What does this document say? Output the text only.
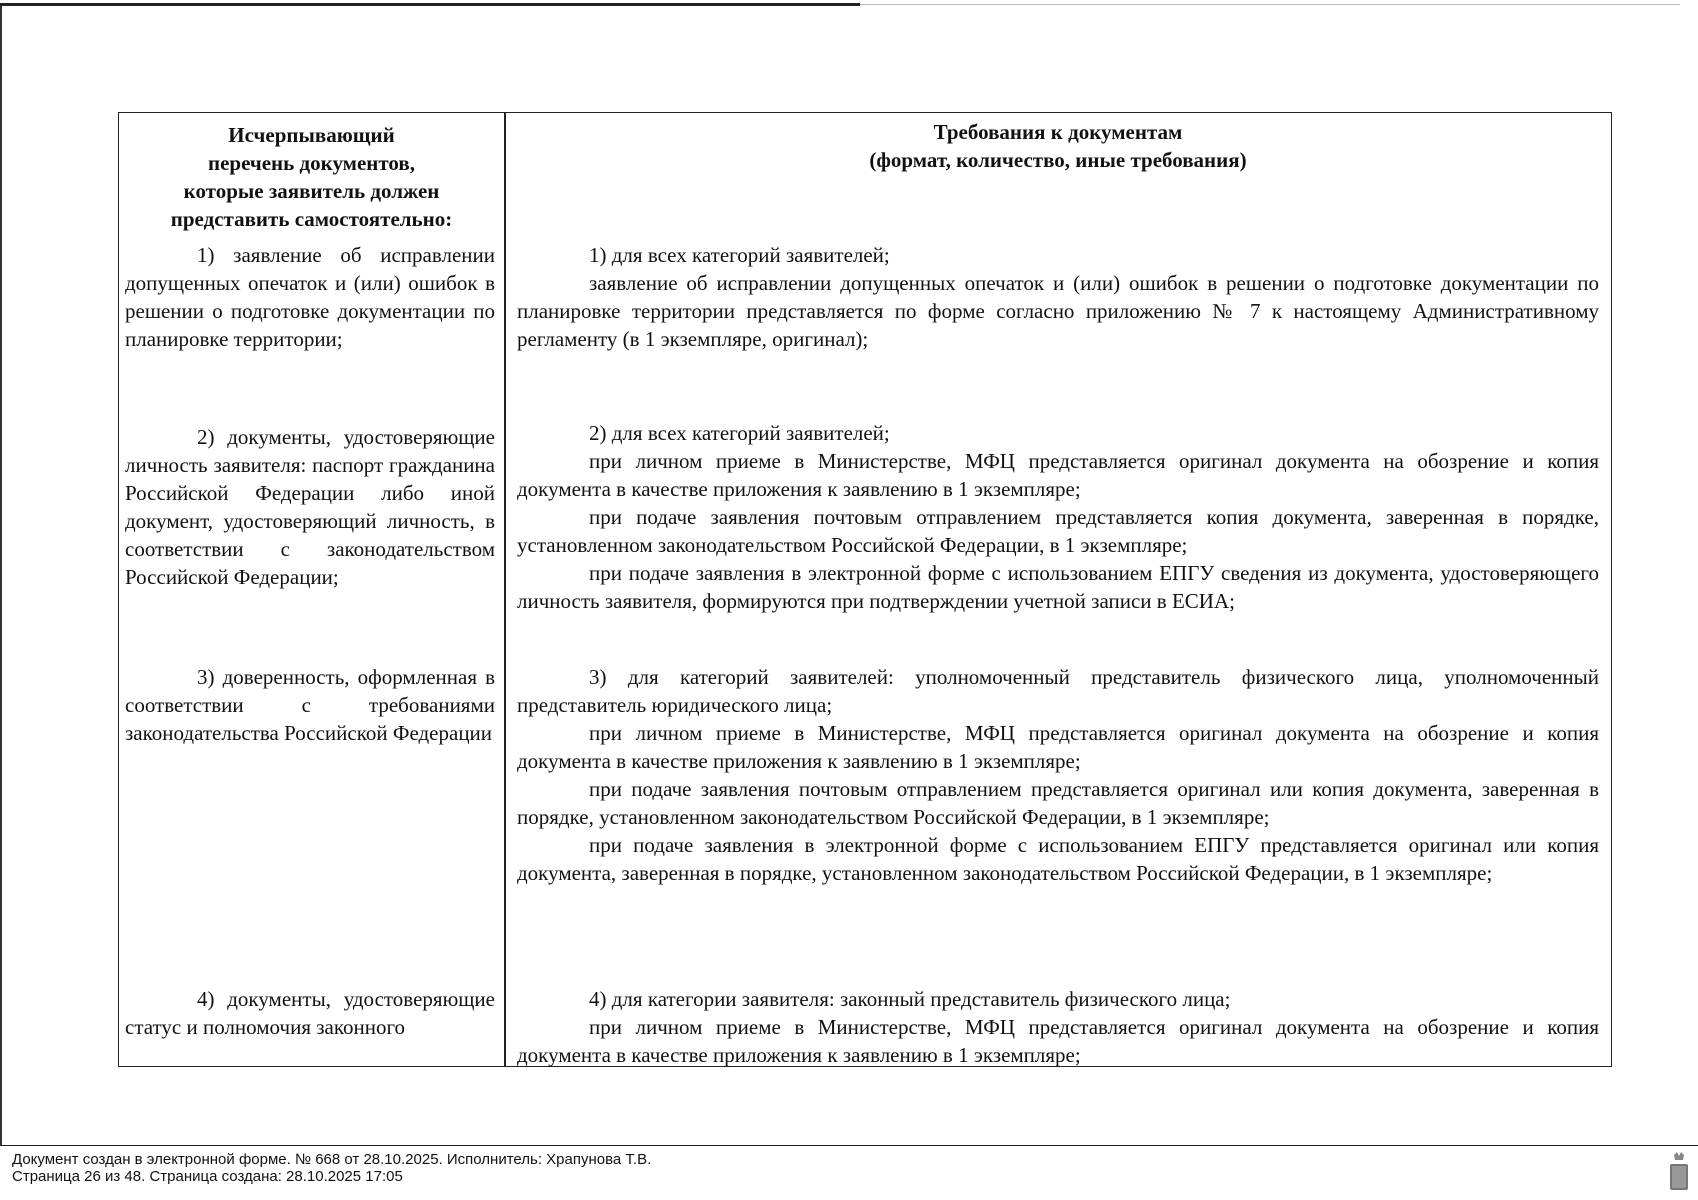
Исчерпывающий
перечень документов,
которые заявитель должен
представить самостоятельно:
Требования к документам
(формат, количество, иные требования)
1) заявление об исправлении допущенных опечаток и (или) ошибок в решении о подготовке документации по планировке территории;

1) для всех категорий заявителей;

заявление об исправлении допущенных опечаток и (или) ошибок в решении о подготовке документации по планировке территории представляется по форме согласно приложению № 7 к настоящему Административному регламенту (в 1 экземпляре, оригинал);

2) документы, удостоверяющие личность заявителя: паспорт гражданина Российской Федерации либо иной документ, удостоверяющий личность, в соответствии с законодательством Российской Федерации;

2) для всех категорий заявителей;

при личном приеме в Министерстве, МФЦ представляется оригинал документа на обозрение и копия документа в качестве приложения к заявлению в 1 экземпляре;

при подаче заявления почтовым отправлением представляется копия документа, заверенная в порядке, установленном законодательством Российской Федерации, в 1 экземпляре;

при подаче заявления в электронной форме с использованием ЕПГУ сведения из документа, удостоверяющего личность заявителя, формируются при подтверждении учетной записи в ЕСИА;

3) доверенность, оформленная в соответствии с требованиями законодательства Российской Федерации

3) для категорий заявителей: уполномоченный представитель физического лица, уполномоченный представитель юридического лица;

при личном приеме в Министерстве, МФЦ представляется оригинал документа на обозрение и копия документа в качестве приложения к заявлению в 1 экземпляре;

при подаче заявления почтовым отправлением представляется оригинал или копия документа, заверенная в порядке, установленном законодательством Российской Федерации, в 1 экземпляре;

при подаче заявления в электронной форме с использованием ЕПГУ представляется оригинал или копия документа, заверенная в порядке, установленном законодательством Российской Федерации, в 1 экземпляре;

4) документы, удостоверяющие статус и полномочия законного

4) для категории заявителя: законный представитель физического лица;

при личном приеме в Министерстве, МФЦ представляется оригинал документа на обозрение и копия документа в качестве приложения к заявлению в 1 экземпляре;

Документ создан в электронной форме. № 668 от 28.10.2025. Исполнитель: Храпунова Т.В.
Страница 26 из 48. Страница создана: 28.10.2025 17:05
